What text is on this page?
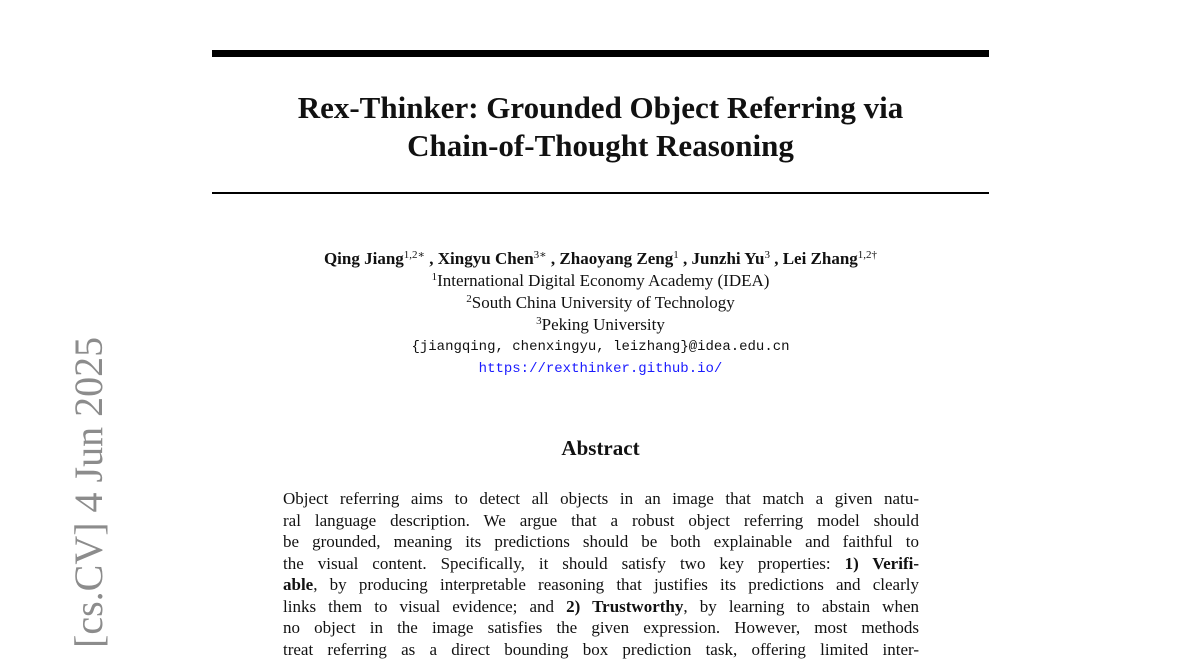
Rex-Thinker: Grounded Object Referring via
Chain-of-Thought Reasoning
Qing Jiang$^{1,2∗}$ , Xingyu Chen$^{3∗}$ , Zhaoyang Zeng$^1$ , Junzhi Yu$^3$ , Lei Zhang$^{1,2\dagger}$
$^1$International Digital Economy Academy (IDEA)
$^2$South China University of Technology
$^3$Peking University
{jiangqing, chenxingyu, leizhang}@idea.edu.cn
https://rexthinker.github.io/
Abstract
Object referring aims to detect all objects in an image that match a given natu-
ral language description. We argue that a robust object referring model should
be grounded, meaning its predictions should be both explainable and faithful to
the visual content. Specifically, it should satisfy two key properties: 1) Verifi-
able, by producing interpretable reasoning that justifies its predictions and clearly
links them to visual evidence; and 2) Trustworthy, by learning to abstain when
no object in the image satisfies the given expression. However, most methods
treat referring as a direct bounding box prediction task, offering limited inter-
[cs.CV] 4 Jun 2025
